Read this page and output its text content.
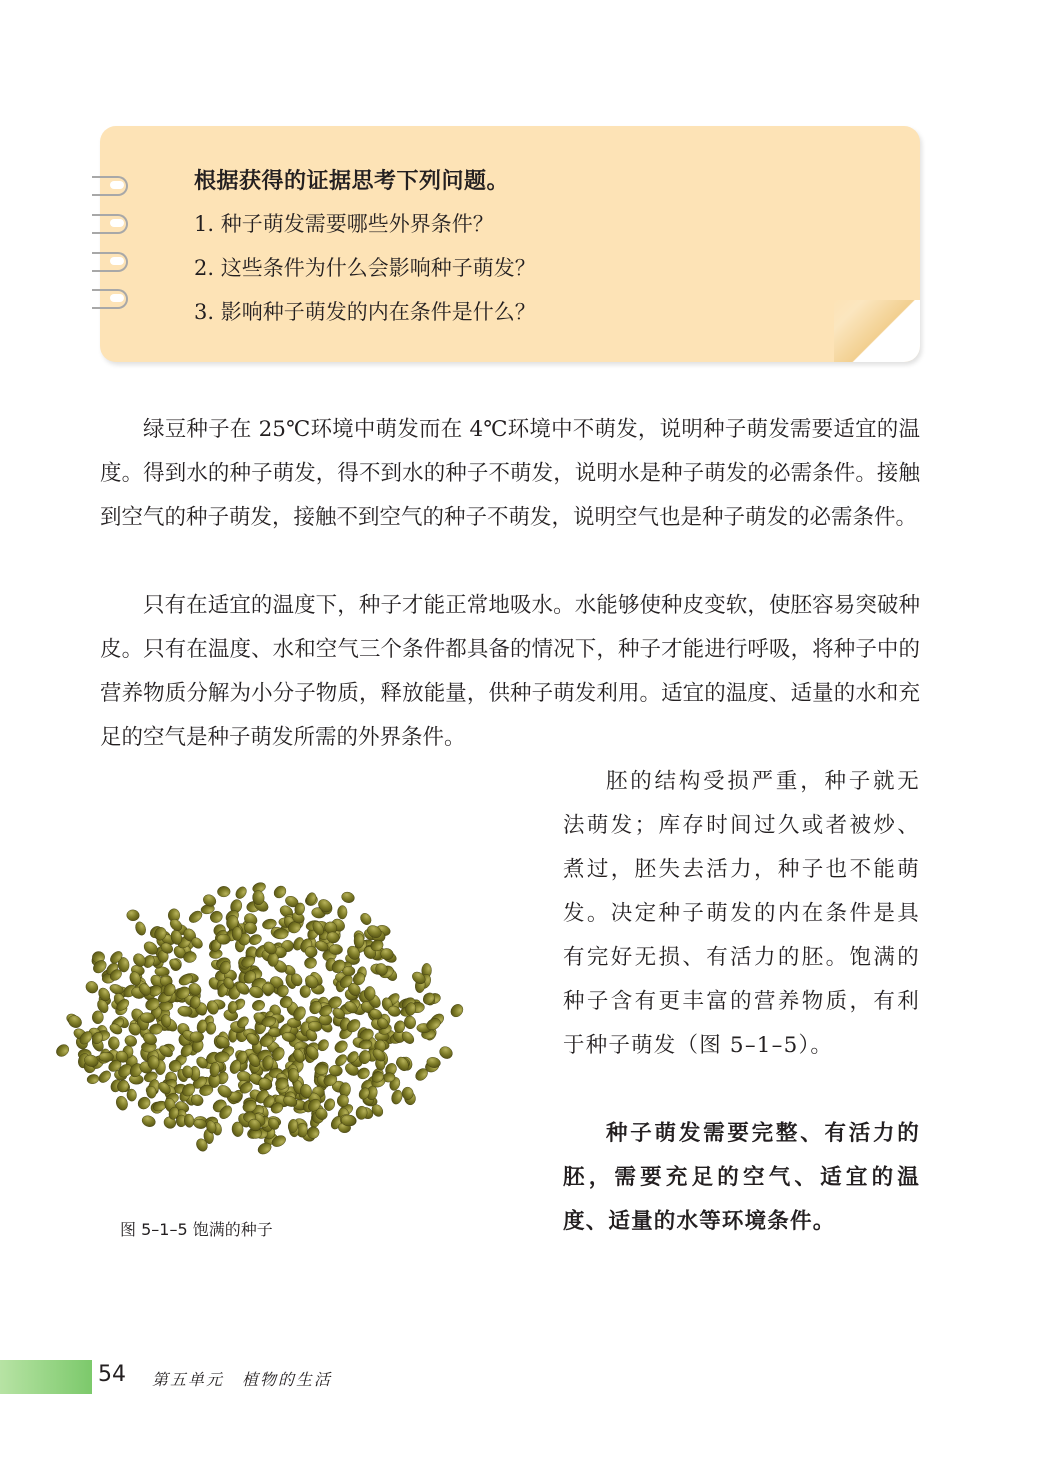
根据获得的证据思考下列问题。
1. 种子萌发需要哪些外界条件？
2. 这些条件为什么会影响种子萌发？
3. 影响种子萌发的内在条件是什么？

绿豆种子在 25℃环境中萌发而在 4℃环境中不萌发，说明种子萌发需要适宜的温度。得到水的种子萌发，得不到水的种子不萌发，说明水是种子萌发的必需条件。接触到空气的种子萌发，接触不到空气的种子不萌发，说明空气也是种子萌发的必需条件。

只有在适宜的温度下，种子才能正常地吸水。水能够使种皮变软，使胚容易突破种皮。只有在温度、水和空气三个条件都具备的情况下，种子才能进行呼吸，将种子中的营养物质分解为小分子物质，释放能量，供种子萌发利用。适宜的温度、适量的水和充足的空气是种子萌发所需的外界条件。

胚的结构受损严重，种子就无法萌发；库存时间过久或者被炒、煮过，胚失去活力，种子也不能萌发。决定种子萌发的内在条件是具有完好无损、有活力的胚。饱满的种子含有更丰富的营养物质，有利于种子萌发（图 5–1–5）。

种子萌发需要完整、有活力的胚，需要充足的空气、适宜的温度、适量的水等环境条件。

图 5–1–5 饱满的种子
54 第五单元　植物的生活
